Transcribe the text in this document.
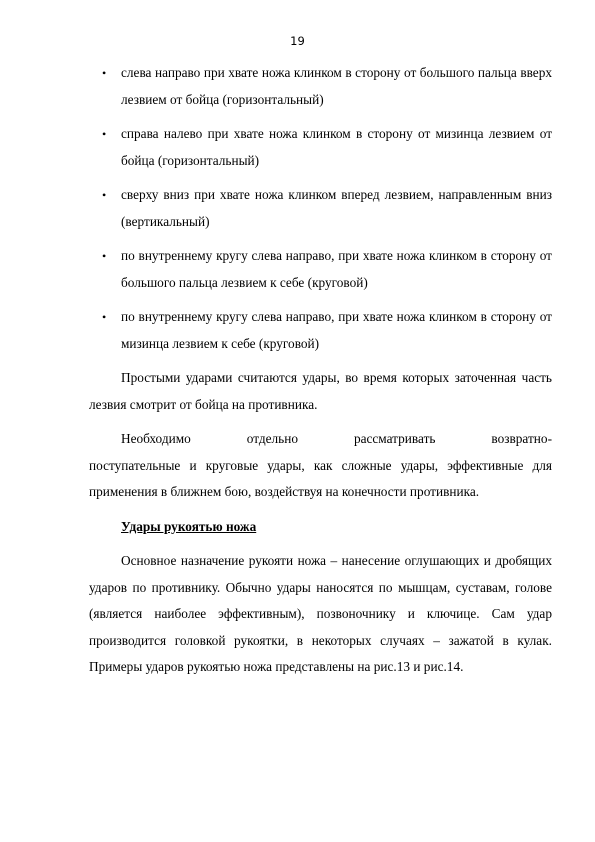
19
• слева направо при хвате ножа клинком в сторону от большого пальца вверх лезвием от бойца (горизонтальный)
• справа налево при хвате ножа клинком в сторону от мизинца лезвием от бойца (горизонтальный)
• сверху вниз при хвате ножа клинком вперед лезвием, направленным вниз (вертикальный)
• по внутреннему кругу слева направо, при хвате ножа клинком в сторону от большого пальца лезвием к себе (круговой)
• по внутреннему кругу слева направо, при хвате ножа клинком в сторону от мизинца лезвием к себе (круговой)

Простыми ударами считаются удары, во время которых заточенная часть лезвия смотрит от бойца на противника.

Необходимо отдельно рассматривать возвратно-

поступательные и круговые удары, как сложные удары, эффективные для применения в ближнем бою, воздействуя на конечности противника.

Удары рукоятью ножа

Основное назначение рукояти ножа – нанесение оглушающих и дробящих ударов по противнику. Обычно удары наносятся по мышцам, суставам, голове (является наиболее эффективным), позвоночнику и ключице. Сам удар производится головкой рукоятки, в некоторых случаях – зажатой в кулак. Примеры ударов рукоятью ножа представлены на рис.13 и рис.14.
